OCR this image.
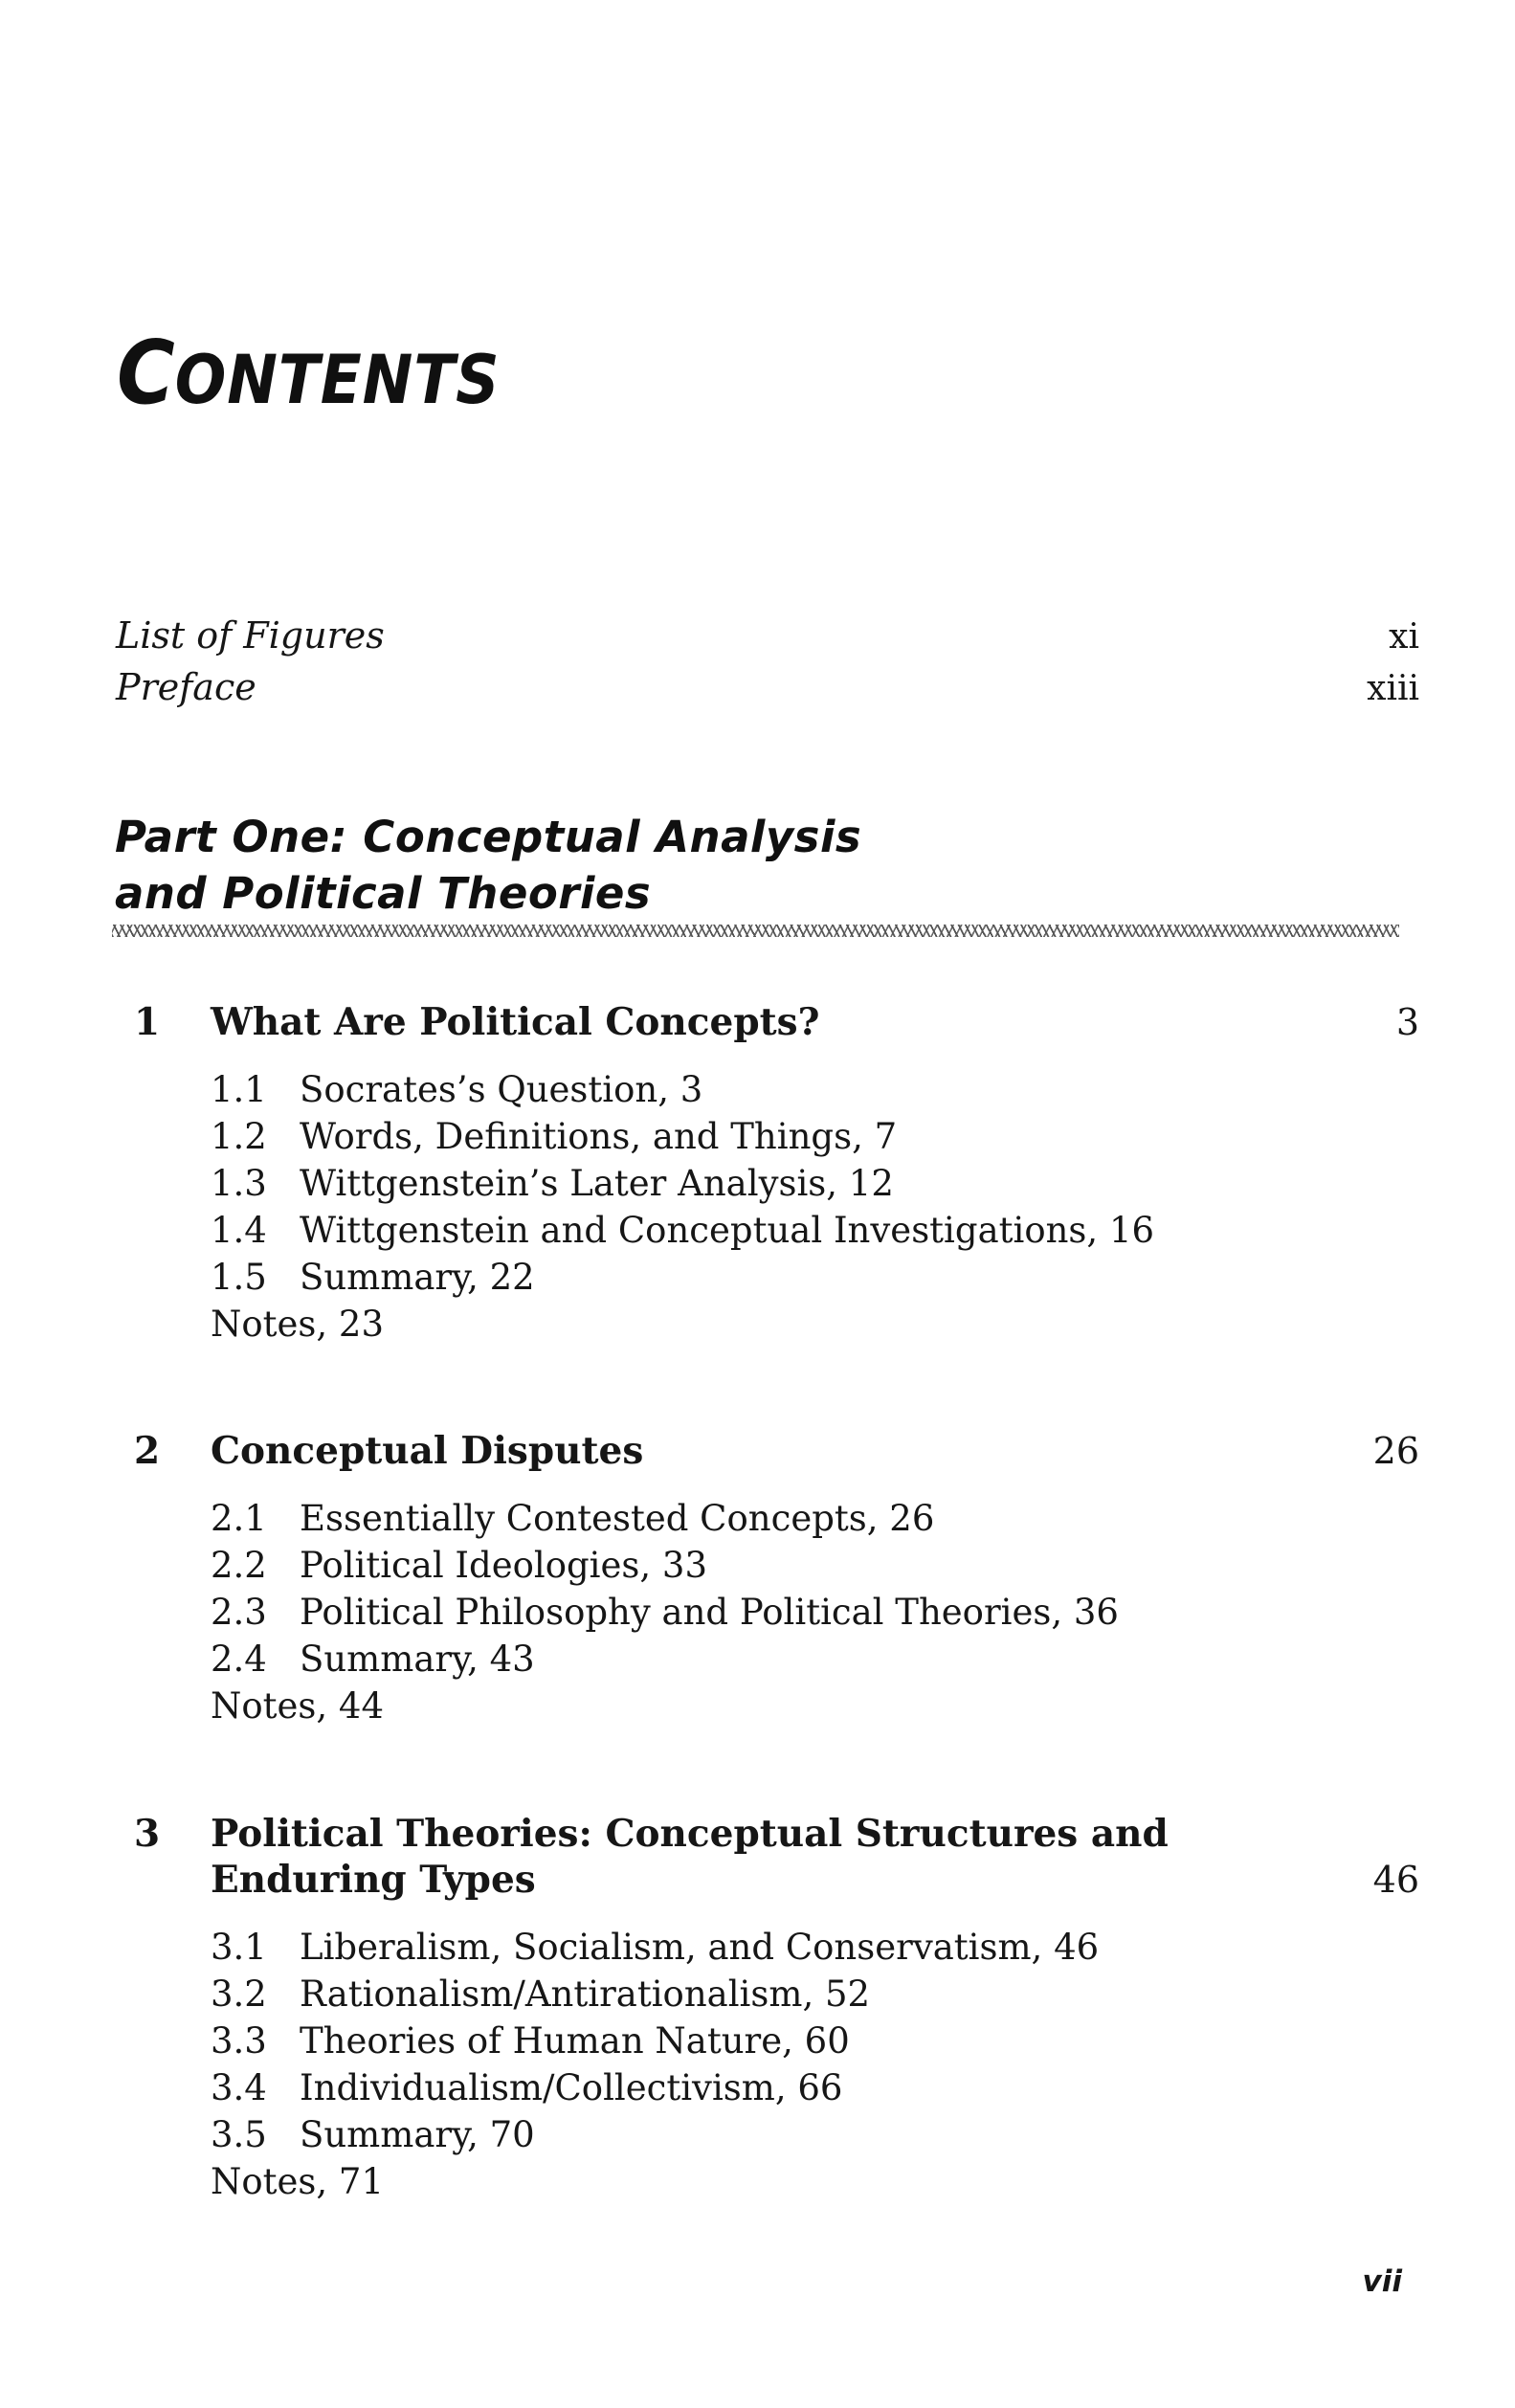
C ONTENTS
List of Figures	xi
Preface	xiii
Part One: Conceptual Analysis
and Political Theories
1	What Are Political Concepts?	3
1.1 Socrates’s Question, 3
1.2 Words, Definitions, and Things, 7
1.3 Wittgenstein’s Later Analysis, 12
1.4 Wittgenstein and Conceptual Investigations, 16
1.5 Summary, 22
Notes, 23
2	Conceptual Disputes	26
2.1 Essentially Contested Concepts, 26
2.2 Political Ideologies, 33
2.3 Political Philosophy and Political Theories, 36
2.4 Summary, 43
Notes, 44
3	Political Theories: Conceptual Structures and
Enduring Types	46
3.1 Liberalism, Socialism, and Conservatism, 46
3.2 Rationalism/Antirationalism, 52
3.3 Theories of Human Nature, 60
3.4 Individualism/Collectivism, 66
3.5 Summary, 70
Notes, 71
vii
